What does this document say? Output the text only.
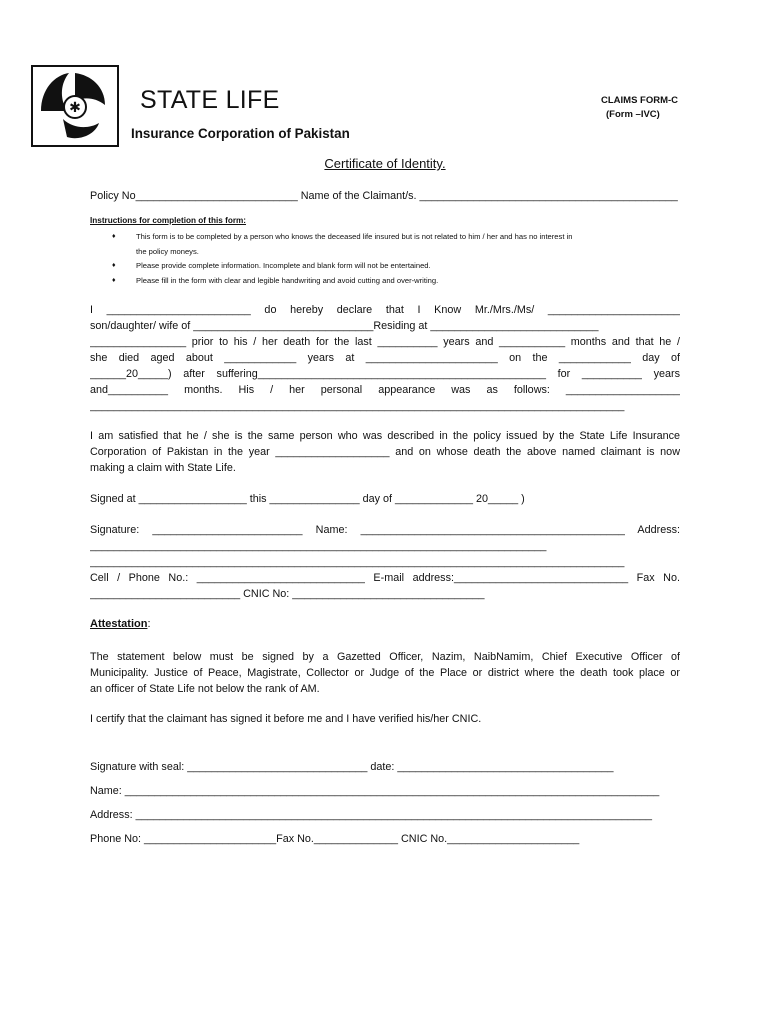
✱ STATE LIFE
Insurance Corporation of Pakistan
CLAIMS FORM-C
(Form –IVC)
Certificate of Identity.
Policy No___________________________ Name of the Claimant/s. ___________________________________________
Instructions for completion of this form:
♦	This form is to be completed by a person who knows the deceased life insured but is not related to him / her and has no interest in
the policy moneys.
♦	Please provide complete information. Incomplete and blank form will not be entertained.
♦	Please fill in the form with clear and legible handwriting and avoid cutting and over-writing.
I ________________________ do hereby declare that I Know Mr./Mrs./Ms/ ______________________
son/daughter/ wife of ______________________________Residing at ____________________________
________________ prior to his / her death for the last __________ years and ___________ months and that he /
she died aged about ____________ years at ______________________ on the ____________ day of
______20_____) after suffering________________________________________________ for __________ years
and__________ months. His / her personal appearance was as follows: ___________________
_________________________________________________________________________________________
I am satisfied that he / she is the same person who was described in the policy issued by the State Life Insurance
Corporation of Pakistan in the year ___________________ and on whose death the above named claimant is now
making a claim with State Life.
Signed at __________________ this _______________ day of _____________ 20_____ )
Signature: _________________________ Name: ____________________________________________ Address:
____________________________________________________________________________
_________________________________________________________________________________________
Cell / Phone No.: ____________________________ E-mail address:_____________________________ Fax No.
_________________________ CNIC No: ________________________________
Attestation:
The statement below must be signed by a Gazetted Officer, Nazim, NaibNamim, Chief Executive Officer of
Municipality. Justice of Peace, Magistrate, Collector or Judge of the Place or district where the death took place or
an officer of State Life not below the rank of AM.
I certify that the claimant has signed it before me and I have verified his/her CNIC.
Signature with seal: ______________________________ date: ____________________________________
Name: _________________________________________________________________________________________
Address: ______________________________________________________________________________________
Phone No: ______________________Fax No.______________ CNIC No.______________________
